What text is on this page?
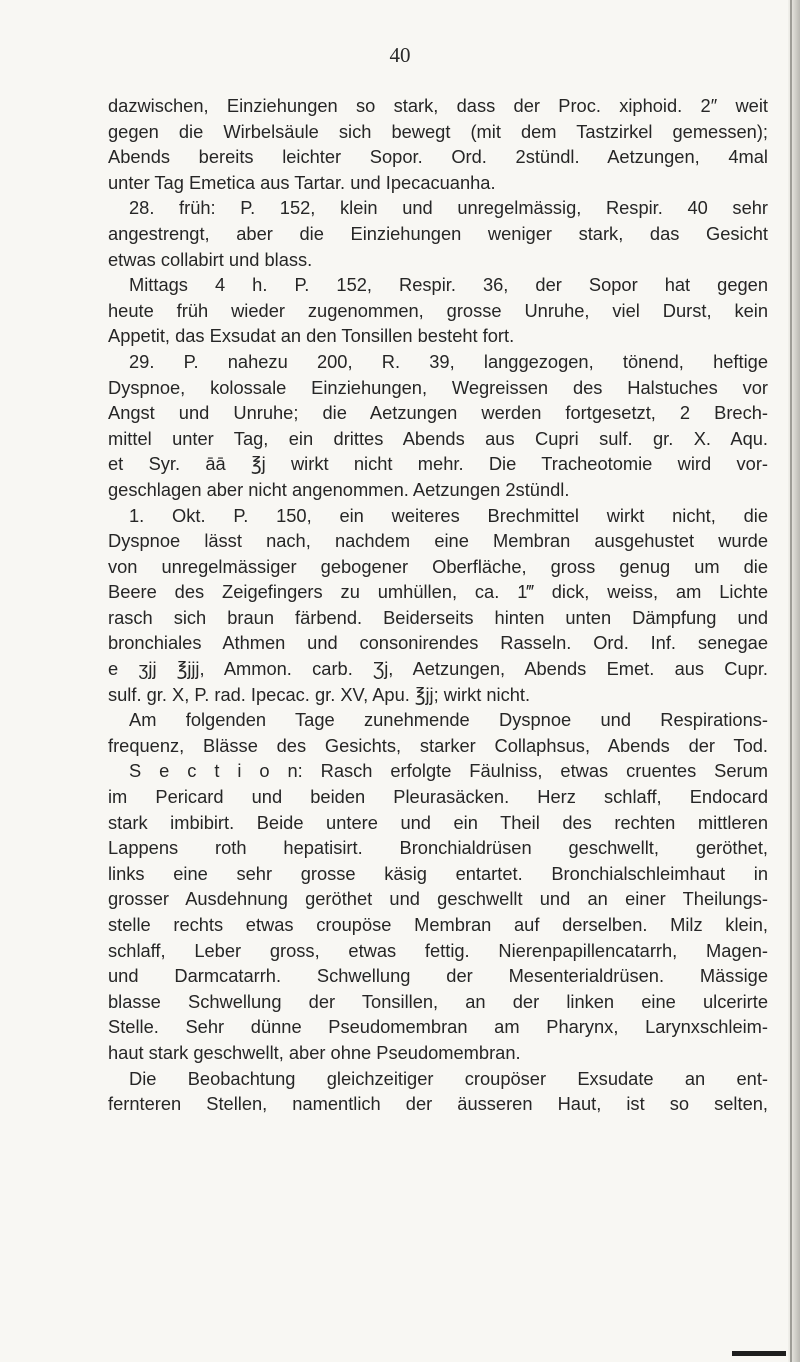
40
dazwischen, Einziehungen so stark, dass der Proc. xiphoid. 2″ weit
gegen die Wirbelsäule sich bewegt (mit dem Tastzirkel gemessen);
Abends bereits leichter Sopor. Ord. 2stündl. Aetzungen, 4mal
unter Tag Emetica aus Tartar. und Ipecacuanha.
28. früh: P. 152, klein und unregelmässig, Respir. 40 sehr
angestrengt, aber die Einziehungen weniger stark, das Gesicht
etwas collabirt und blass.
Mittags 4 h. P. 152, Respir. 36, der Sopor hat gegen
heute früh wieder zugenommen, grosse Unruhe, viel Durst, kein
Appetit, das Exsudat an den Tonsillen besteht fort.
29. P. nahezu 200, R. 39, langgezogen, tönend, heftige
Dyspnoe, kolossale Einziehungen, Wegreissen des Halstuches vor
Angst und Unruhe; die Aetzungen werden fortgesetzt, 2 Brech-
mittel unter Tag, ein drittes Abends aus Cupri sulf. gr. X. Aqu.
et Syr. āā ℥j wirkt nicht mehr. Die Tracheotomie wird vor-
geschlagen aber nicht angenommen. Aetzungen 2stündl.
1. Okt. P. 150, ein weiteres Brechmittel wirkt nicht, die
Dyspnoe lässt nach, nachdem eine Membran ausgehustet wurde
von unregelmässiger gebogener Oberfläche, gross genug um die
Beere des Zeigefingers zu umhüllen, ca. 1‴ dick, weiss, am Lichte
rasch sich braun färbend. Beiderseits hinten unten Dämpfung und
bronchiales Athmen und consonirendes Rasseln. Ord. Inf. senegae
e ʒjj ℥jjj, Ammon. carb. Ʒj, Aetzungen, Abends Emet. aus Cupr.
sulf. gr. X, P. rad. Ipecac. gr. XV, Apu. ℥jj; wirkt nicht.
Am folgenden Tage zunehmende Dyspnoe und Respirations-
frequenz, Blässe des Gesichts, starker Collaphsus, Abends der Tod.
S e c t i o n: Rasch erfolgte Fäulniss, etwas cruentes Serum
im Pericard und beiden Pleurasäcken. Herz schlaff, Endocard
stark imbibirt. Beide untere und ein Theil des rechten mittleren
Lappens roth hepatisirt. Bronchialdrüsen geschwellt, geröthet,
links eine sehr grosse käsig entartet. Bronchialschleimhaut in
grosser Ausdehnung geröthet und geschwellt und an einer Theilungs-
stelle rechts etwas croupöse Membran auf derselben. Milz klein,
schlaff, Leber gross, etwas fettig. Nierenpapillencatarrh, Magen-
und Darmcatarrh. Schwellung der Mesenterialdrüsen. Mässige
blasse Schwellung der Tonsillen, an der linken eine ulcerirte
Stelle. Sehr dünne Pseudomembran am Pharynx, Larynxschleim-
haut stark geschwellt, aber ohne Pseudomembran.
Die Beobachtung gleichzeitiger croupöser Exsudate an ent-
fernteren Stellen, namentlich der äusseren Haut, ist so selten,
